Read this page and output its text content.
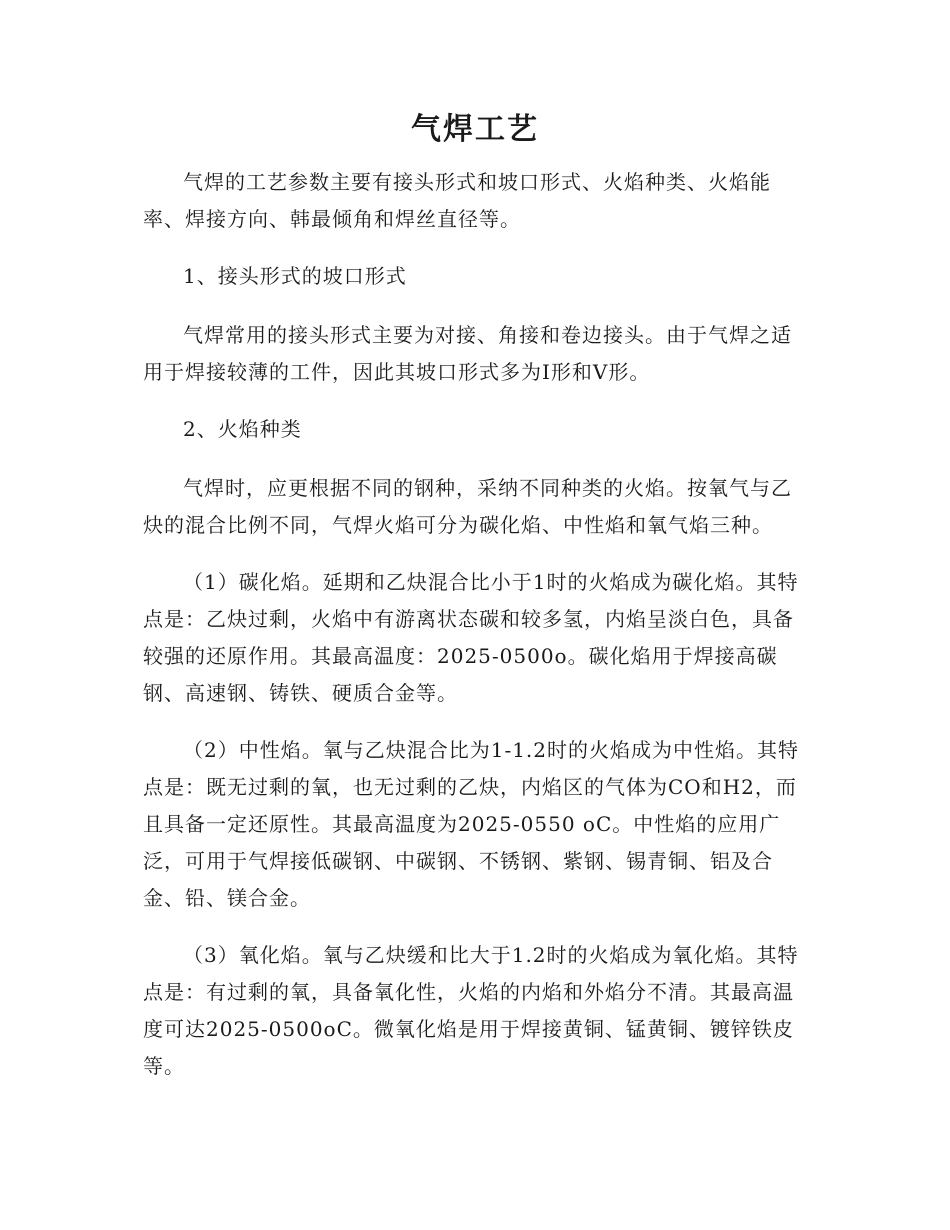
气焊工艺

气焊的工艺参数主要有接头形式和坡口形式、火焰种类、火焰能率、焊接方向、韩最倾角和焊丝直径等。

1、接头形式的坡口形式

气焊常用的接头形式主要为对接、角接和卷边接头。由于气焊之适用于焊接较薄的工件，因此其坡口形式多为Ⅰ形和Ⅴ形。

2、火焰种类

气焊时，应更根据不同的钢种，采纳不同种类的火焰。按氧气与乙炔的混合比例不同，气焊火焰可分为碳化焰、中性焰和氧气焰三种。

（1）碳化焰。延期和乙炔混合比小于1时的火焰成为碳化焰。其特点是：乙炔过剩，火焰中有游离状态碳和较多氢，内焰呈淡白色，具备较强的还原作用。其最高温度：2025-0500o。碳化焰用于焊接高碳钢、高速钢、铸铁、硬质合金等。

（2）中性焰。氧与乙炔混合比为1-1.2时的火焰成为中性焰。其特点是：既无过剩的氧，也无过剩的乙炔，内焰区的气体为CO和H2，而且具备一定还原性。其最高温度为2025-0550 oC。中性焰的应用广泛，可用于气焊接低碳钢、中碳钢、不锈钢、紫钢、锡青铜、铝及合金、铅、镁合金。

（3）氧化焰。氧与乙炔缓和比大于1.2时的火焰成为氧化焰。其特点是：有过剩的氧，具备氧化性，火焰的内焰和外焰分不清。其最高温度可达2025-0500oC。微氧化焰是用于焊接黄铜、锰黄铜、镀锌铁皮等。
